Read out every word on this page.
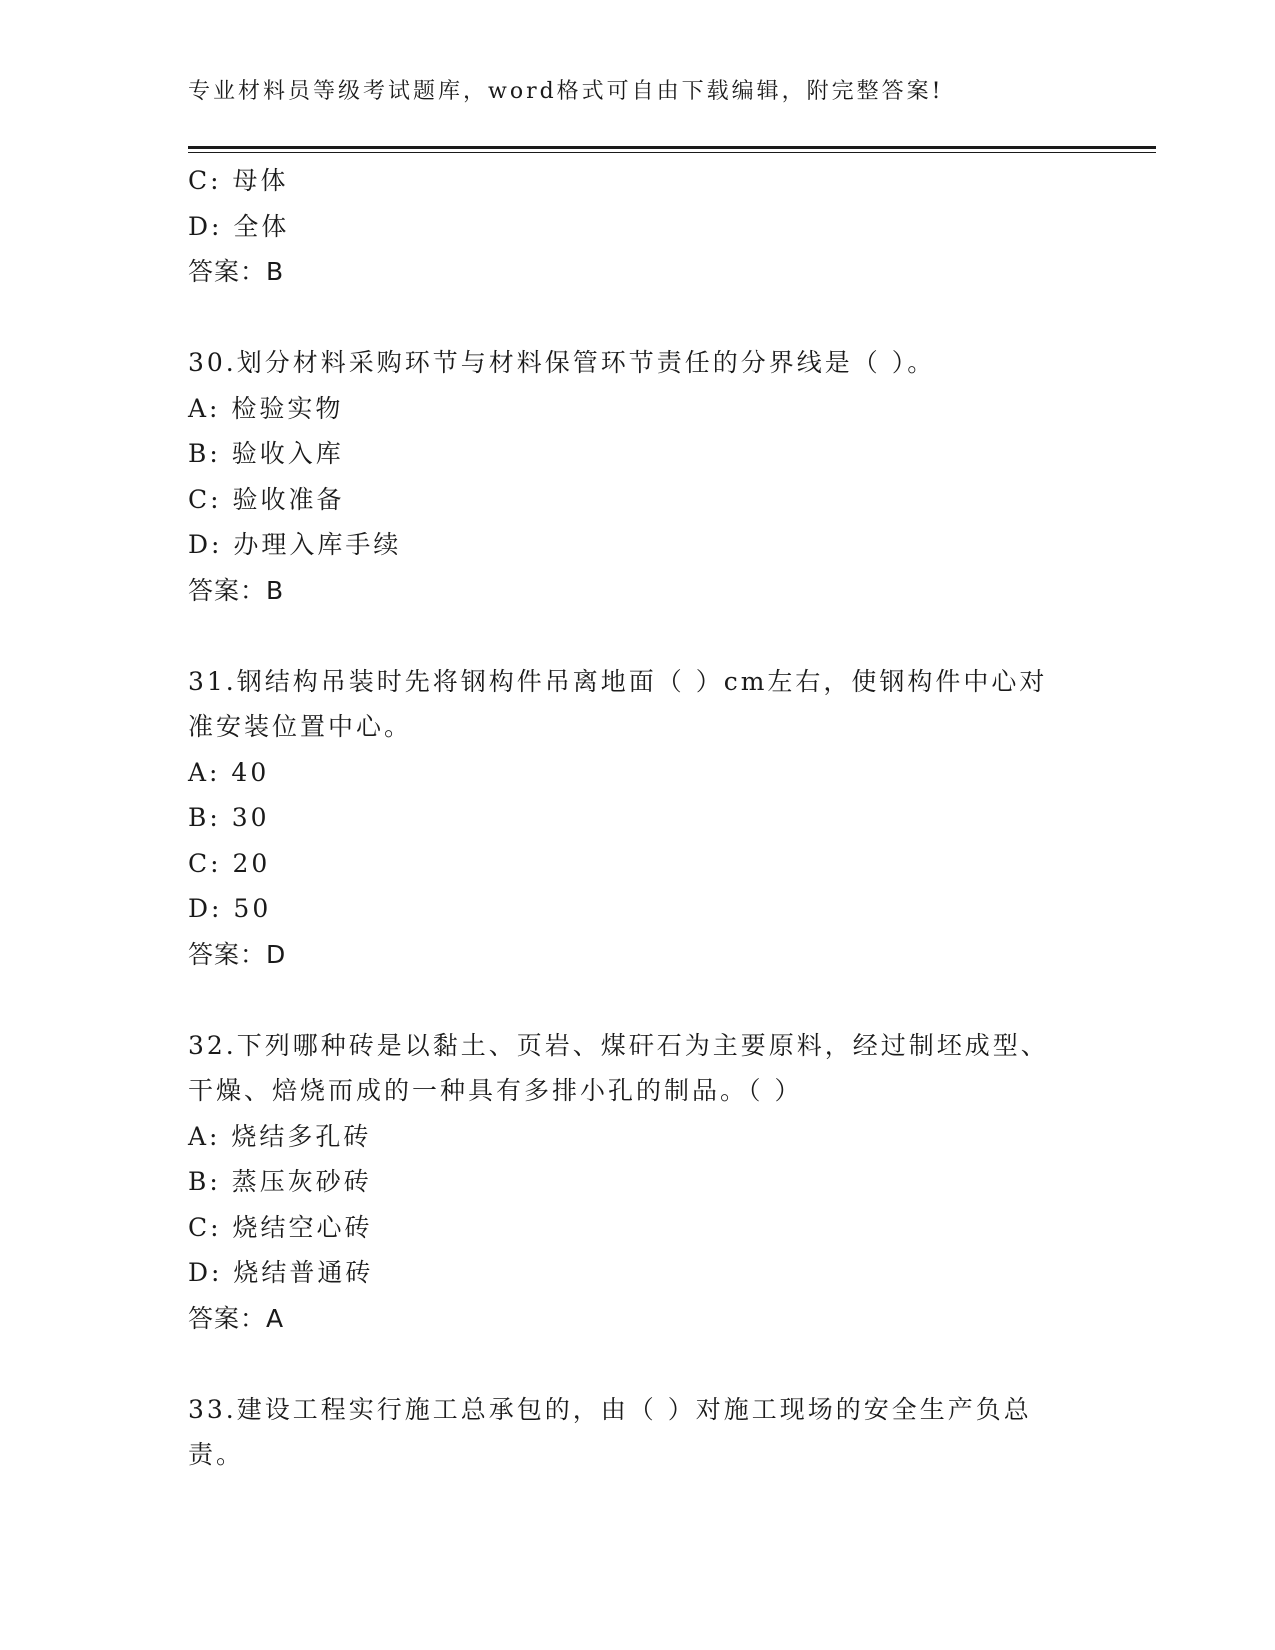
专业材料员等级考试题库，word格式可自由下载编辑，附完整答案!
C: 母体
D: 全体
答案：B
30.划分材料采购环节与材料保管环节责任的分界线是（ ）。
A: 检验实物
B: 验收入库
C: 验收准备
D: 办理入库手续
答案：B
31.钢结构吊装时先将钢构件吊离地面（ ）cm左右，使钢构件中心对
准安装位置中心。
A: 40
B: 30
C: 20
D: 50
答案：D
32.下列哪种砖是以黏土、页岩、煤矸石为主要原料，经过制坯成型、
干燥、焙烧而成的一种具有多排小孔的制品。（ ）
A: 烧结多孔砖
B: 蒸压灰砂砖
C: 烧结空心砖
D: 烧结普通砖
答案：A
33.建设工程实行施工总承包的，由（ ）对施工现场的安全生产负总
责。
